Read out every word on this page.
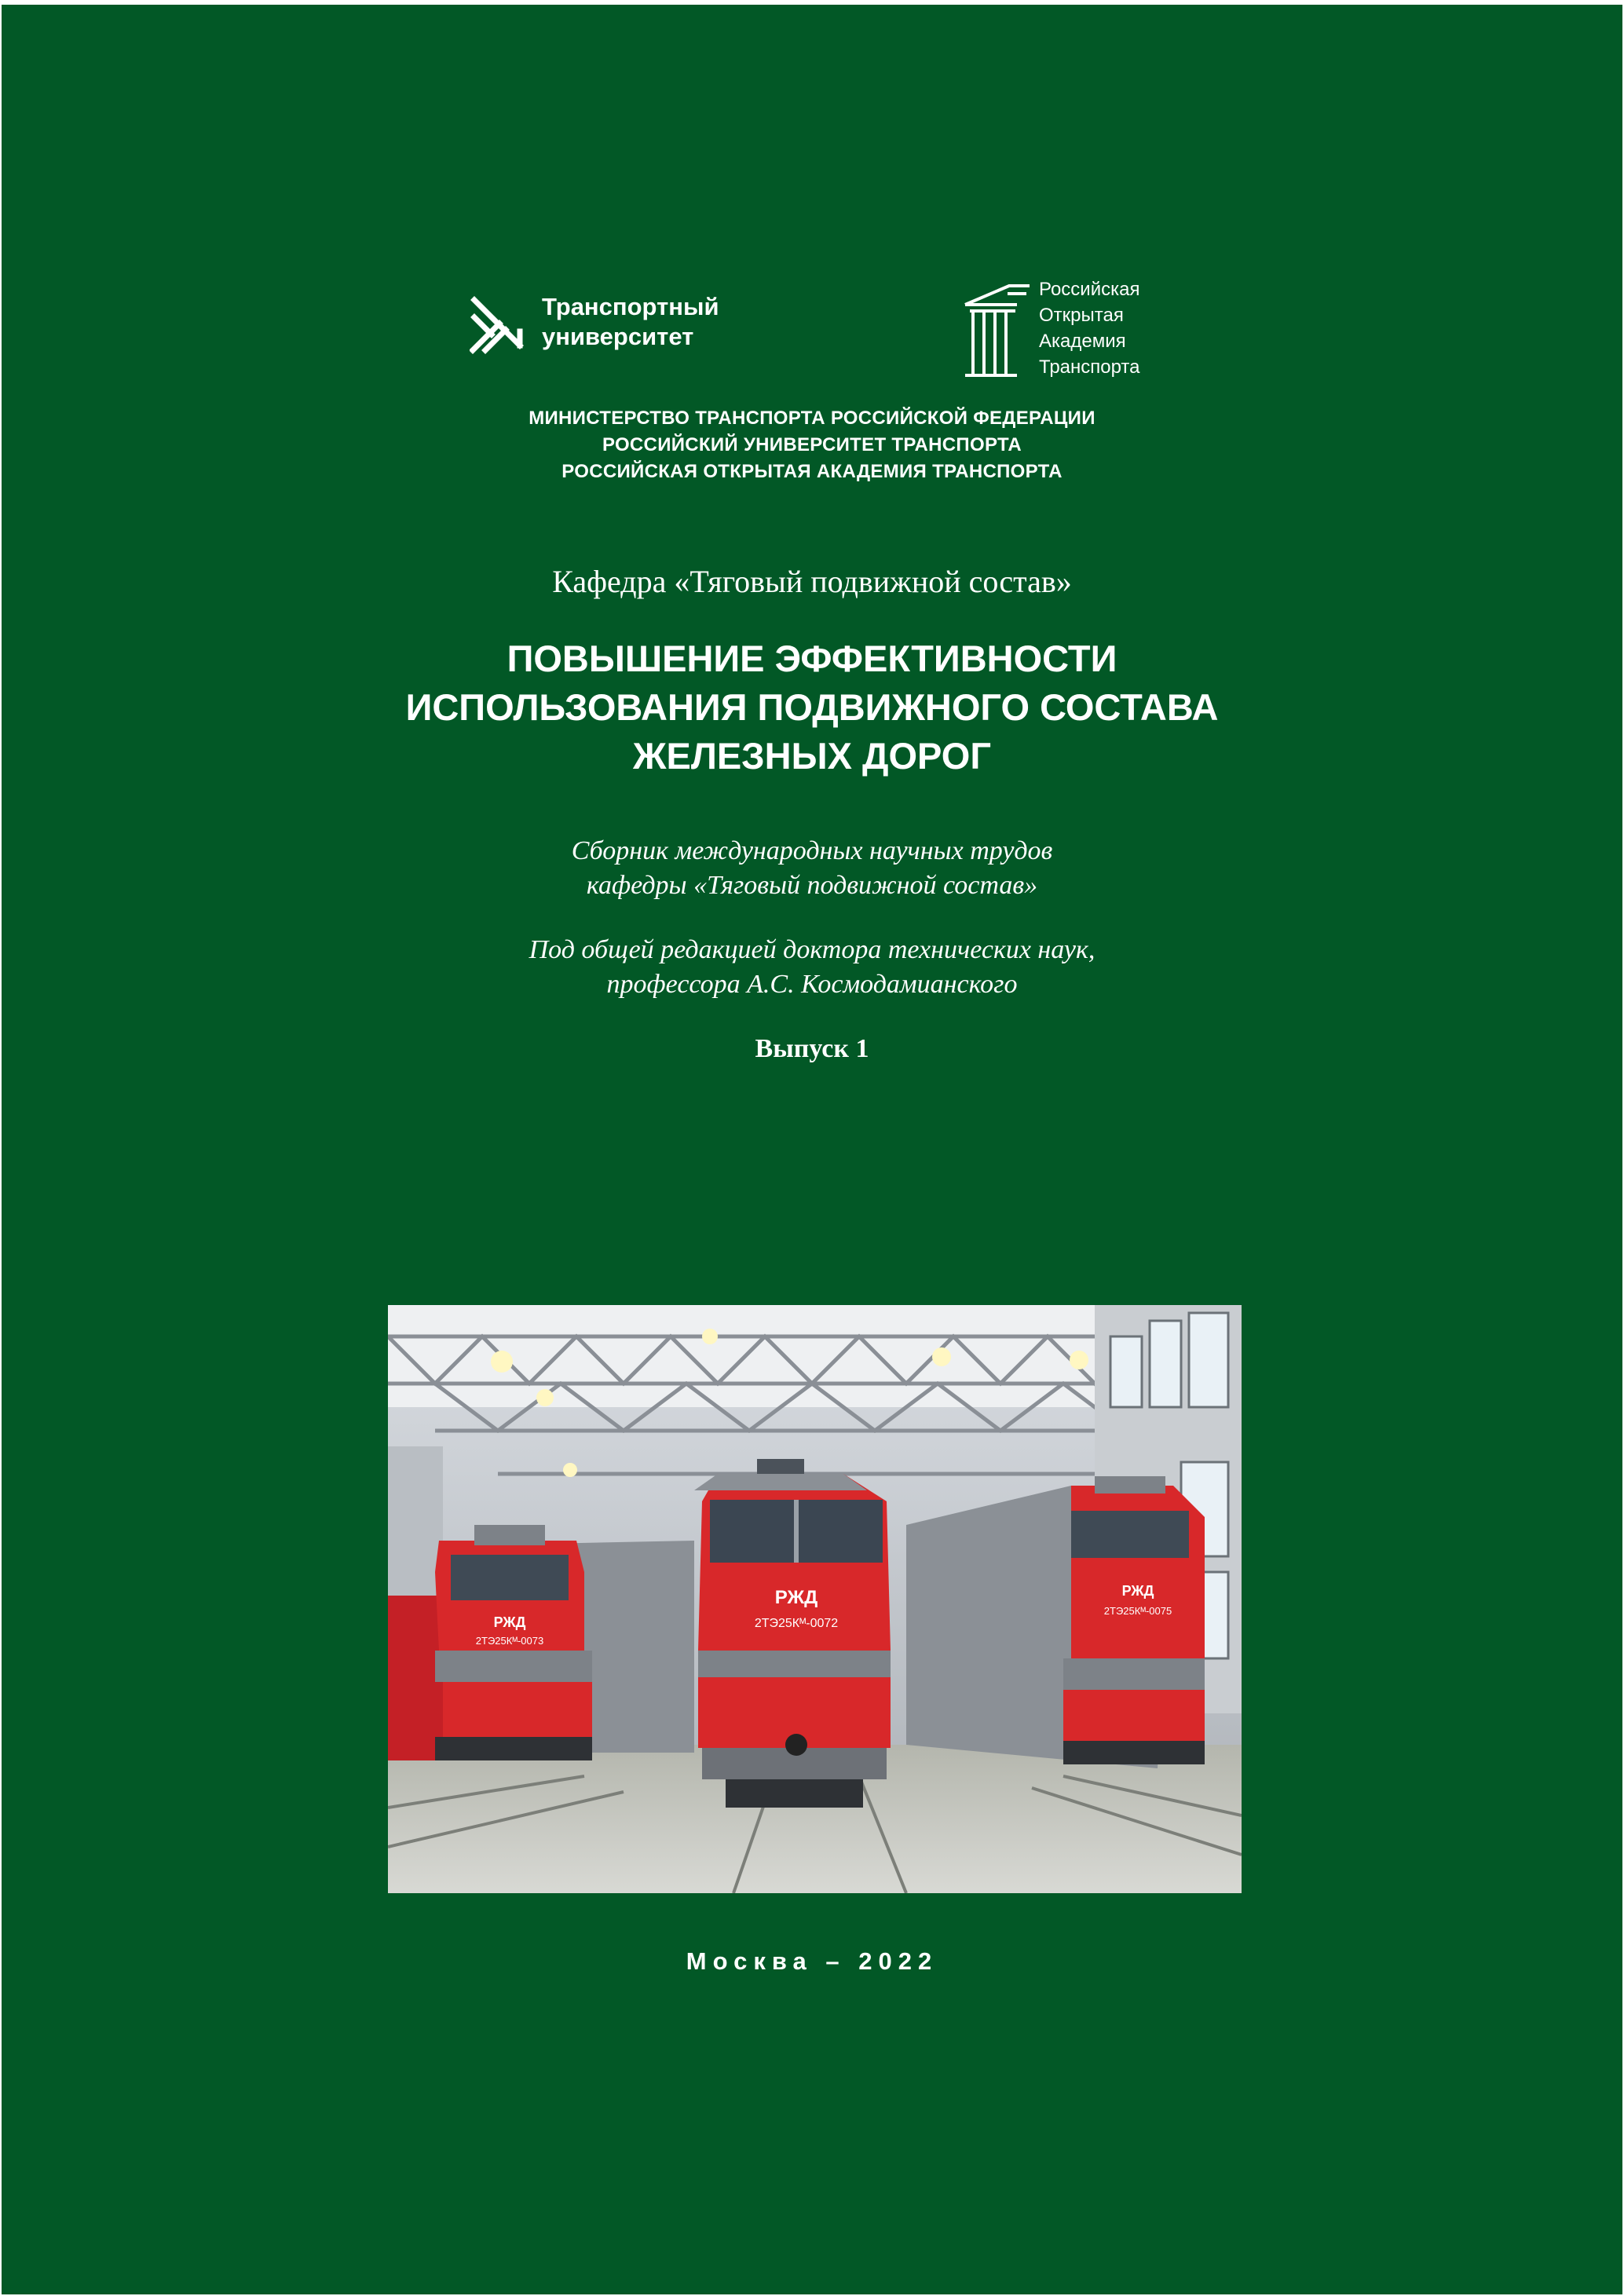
Транспортный
университет
Российская
Открытая
Академия
Транспорта
МИНИСТЕРСТВО ТРАНСПОРТА РОССИЙСКОЙ ФЕДЕРАЦИИ
РОССИЙСКИЙ УНИВЕРСИТЕТ ТРАНСПОРТА
РОССИЙСКАЯ ОТКРЫТАЯ АКАДЕМИЯ ТРАНСПОРТА
Кафедра «Тяговый подвижной состав»
ПОВЫШЕНИЕ ЭФФЕКТИВНОСТИ
ИСПОЛЬЗОВАНИЯ ПОДВИЖНОГО СОСТАВА
ЖЕЛЕЗНЫХ ДОРОГ
Сборник международных научных трудов
кафедры «Тяговый подвижной состав»
Под общей редакцией доктора технических наук,
профессора А.С. Космодамианского
Выпуск 1
РЖД
2ТЭ25Кᴹ-0073
РЖД
2ТЭ25Кᴹ-0075
РЖД
2ТЭ25Кᴹ-0072
Москва – 2022
